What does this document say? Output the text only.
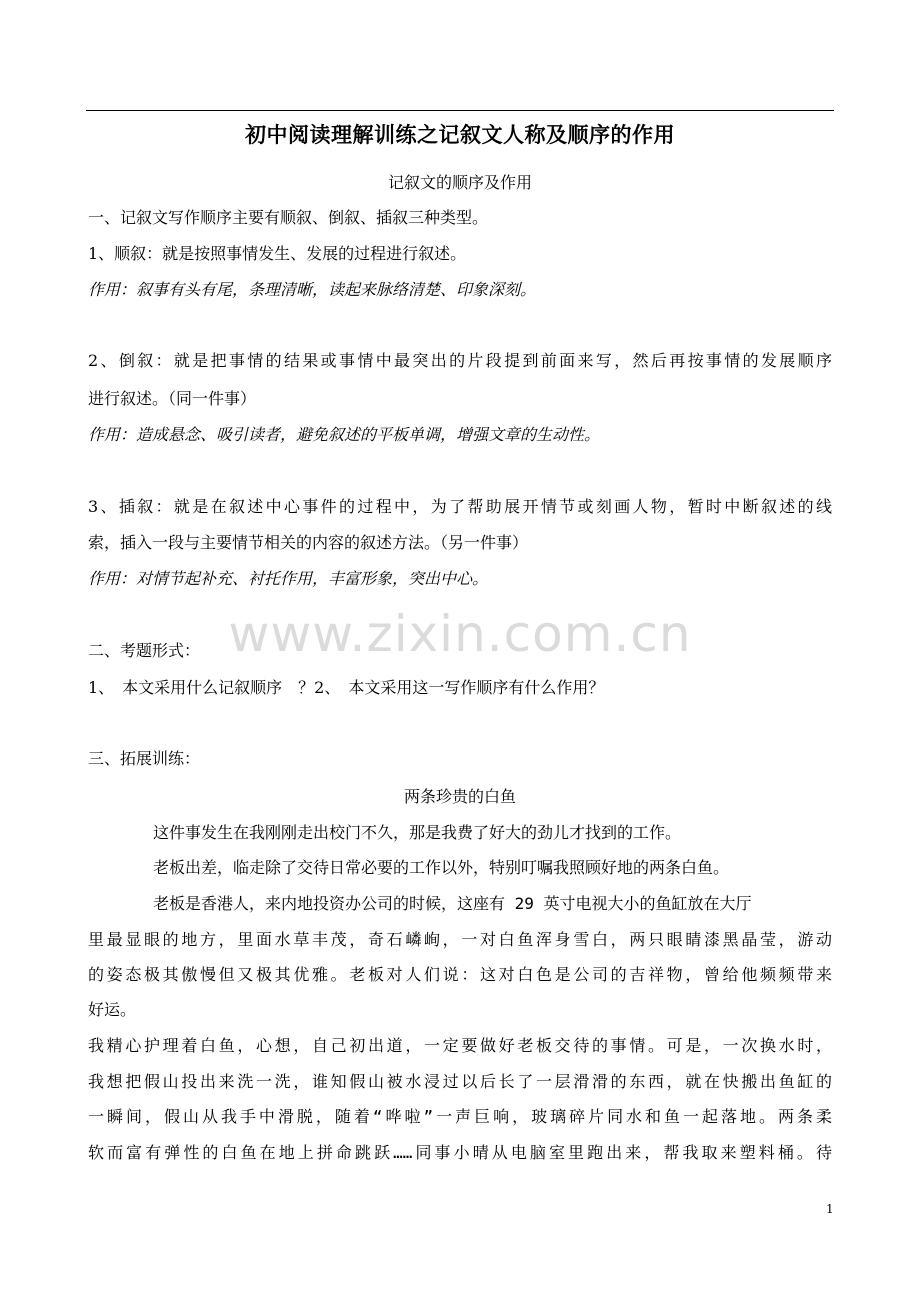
初中阅读理解训练之记叙文人称及顺序的作用
记叙文的顺序及作用
一、记叙文写作顺序主要有顺叙、倒叙、插叙三种类型。
1、顺叙：就是按照事情发生、发展的过程进行叙述。
作用：叙事有头有尾，条理清晰，读起来脉络清楚、印象深刻。
2、倒叙：就是把事情的结果或事情中最突出的片段提到前面来写，然后再按事情的发展顺序
进行叙述。（同一件事）
作用：造成悬念、吸引读者，避免叙述的平板单调，增强文章的生动性。
3、插叙：就是在叙述中心事件的过程中，为了帮助展开情节或刻画人物，暂时中断叙述的线
索，插入一段与主要情节相关的内容的叙述方法。（另一件事）
作用：对情节起补充、衬托作用，丰富形象，突出中心。
www.zixin.com.cn
二、考题形式：
1、　本文采用什么记叙顺序　？2、　本文采用这一写作顺序有什么作用？
三、拓展训练：
两条珍贵的白鱼
这件事发生在我刚刚走出校门不久，那是我费了好大的劲儿才找到的工作。
老板出差，临走除了交待日常必要的工作以外，特别叮嘱我照顾好地的两条白鱼。
老板是香港人，来内地投资办公司的时候，这座有 29 英寸电视大小的鱼缸放在大厅
里最显眼的地方，里面水草丰茂，奇石嶙峋，一对白鱼浑身雪白，两只眼睛漆黑晶莹，游动
的姿态极其傲慢但又极其优雅。老板对人们说：这对白色是公司的吉祥物，曾给他频频带来
好运。
我精心护理着白鱼，心想，自己初出道，一定要做好老板交待的事情。可是，一次换水时，
我想把假山投出来洗一洗，谁知假山被水浸过以后长了一层滑滑的东西，就在快搬出鱼缸的
一瞬间，假山从我手中滑脱，随着“哗啦”一声巨响，玻璃碎片同水和鱼一起落地。两条柔
软而富有弹性的白鱼在地上拼命跳跃……同事小晴从电脑室里跑出来，帮我取来塑料桶。待
1
